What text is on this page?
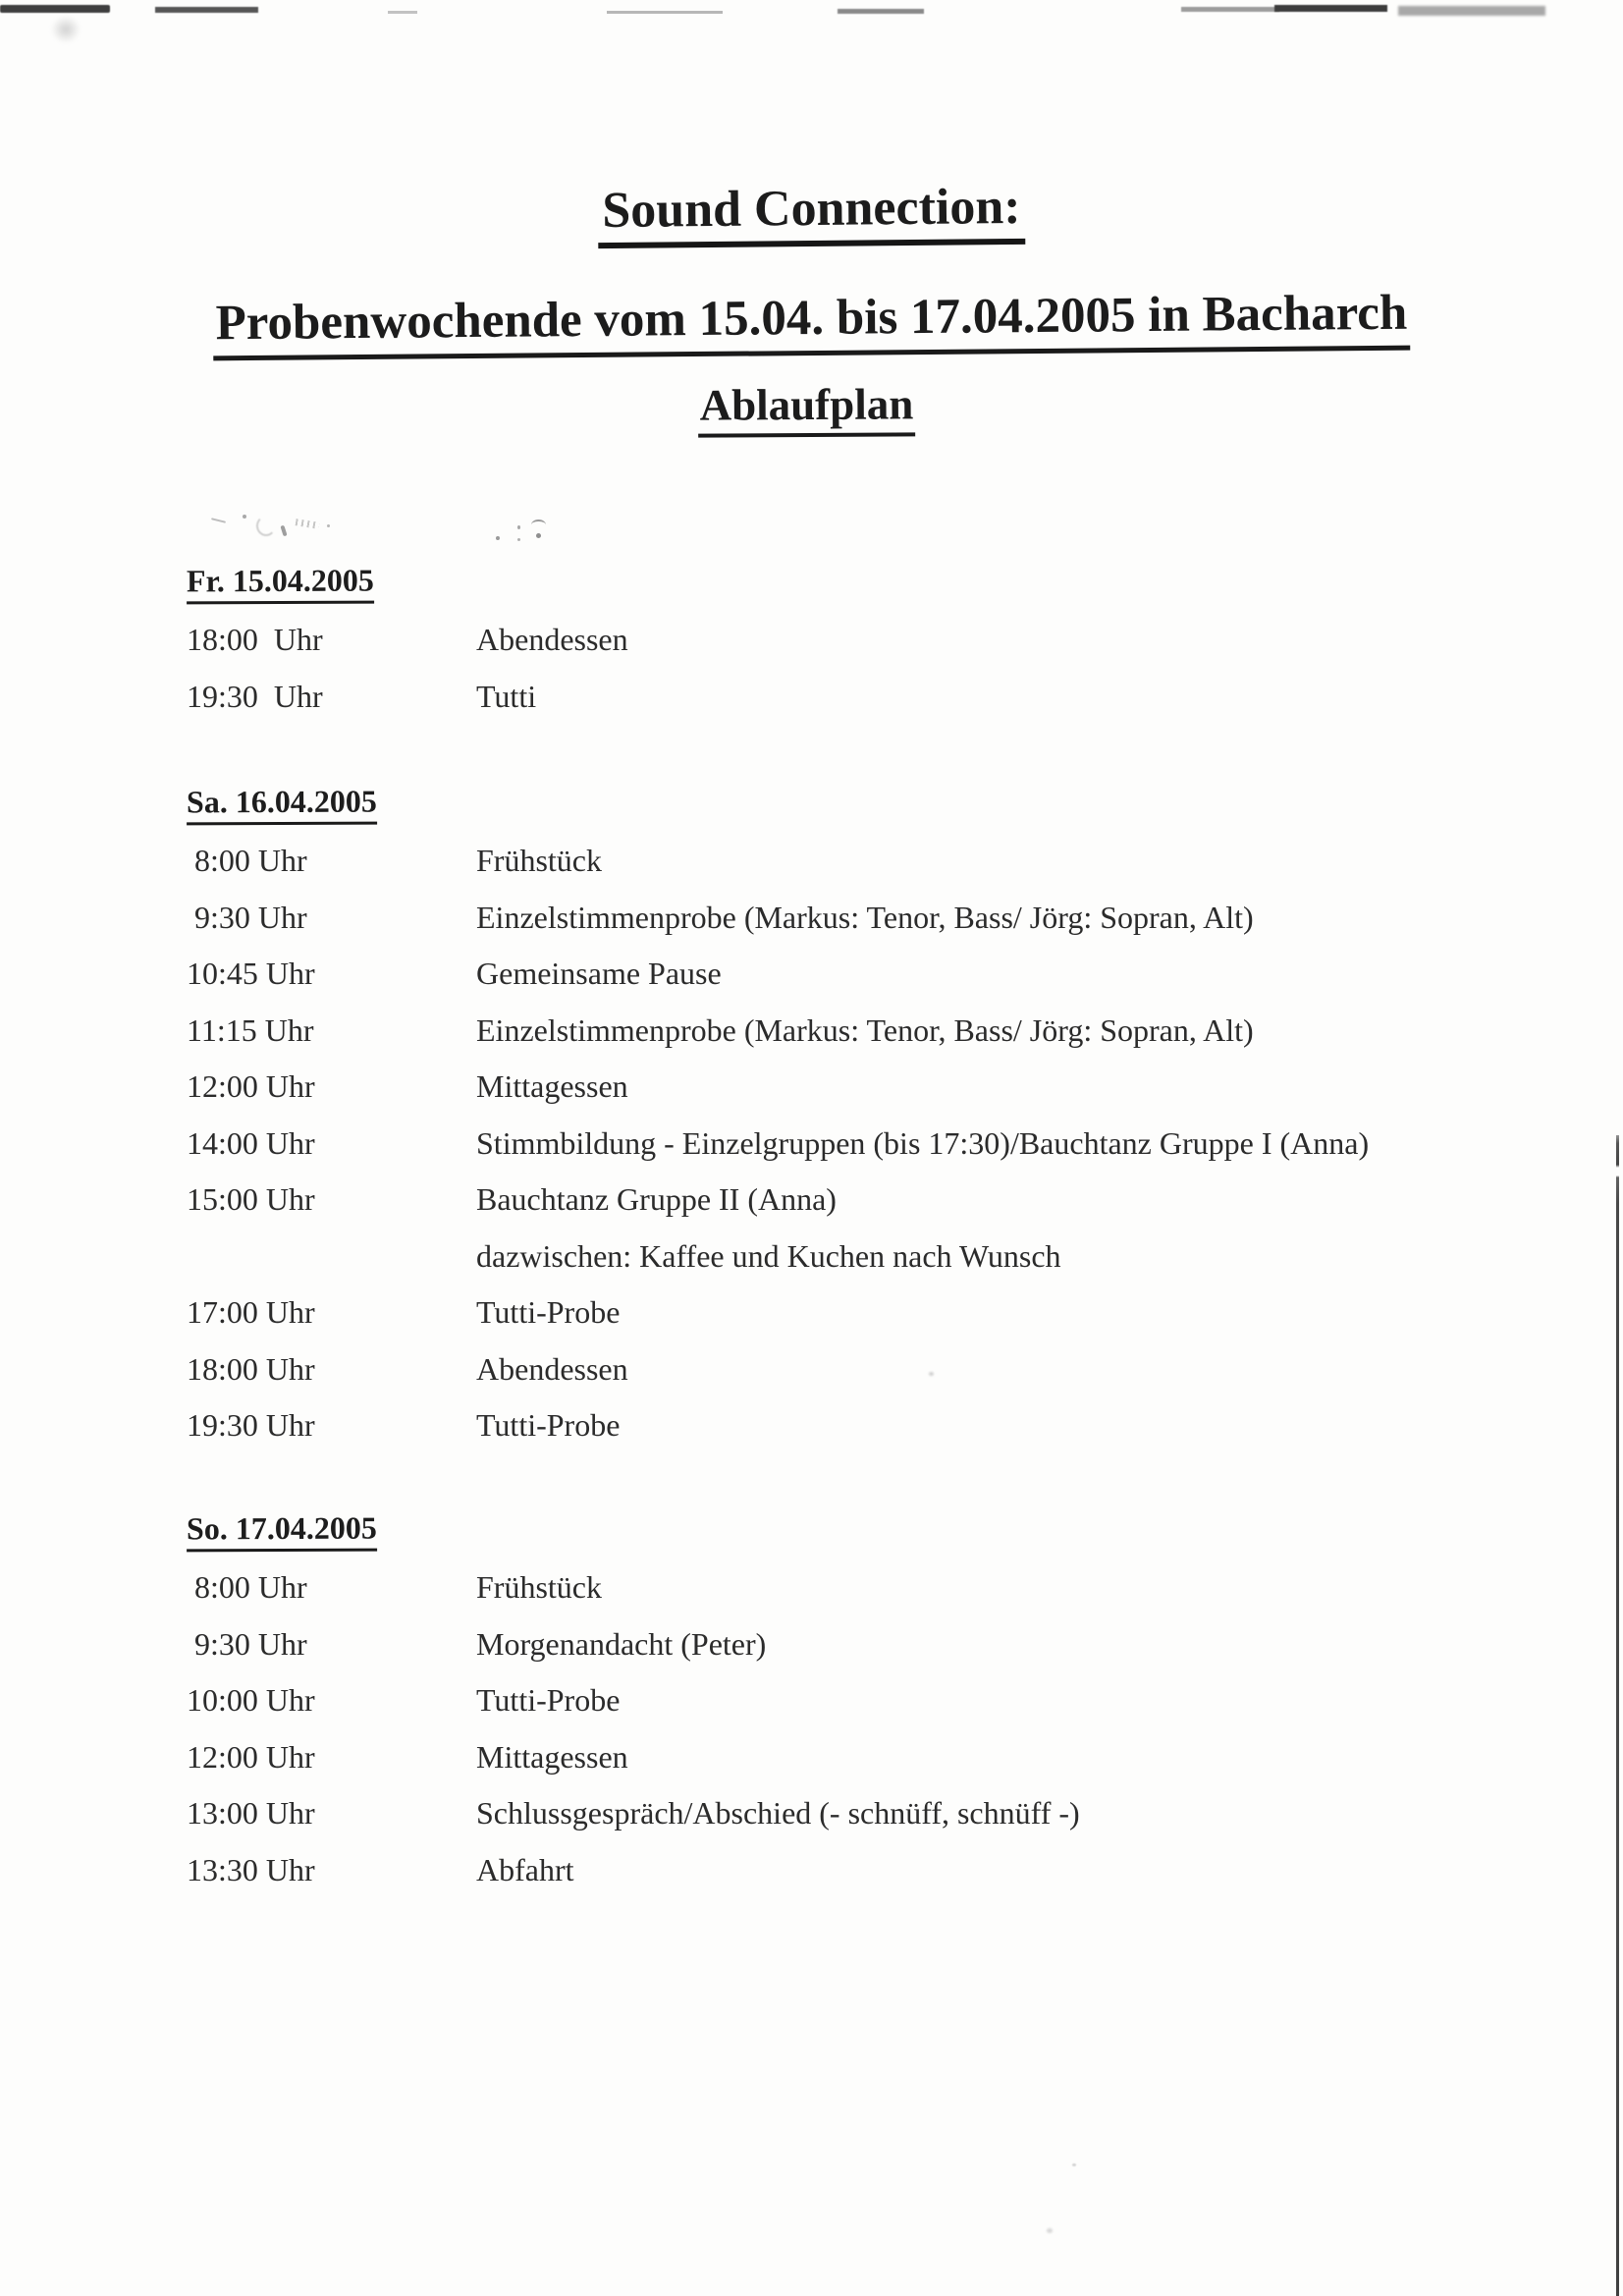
Sound Connection:
Probenwochende vom 15.04. bis 17.04.2005 in Bacharch
Ablaufplan
Fr. 15.04.2005
18:00  Uhr	Abendessen
19:30  Uhr	Tutti
Sa. 16.04.2005
8:00 Uhr	Frühstück
9:30 Uhr	Einzelstimmenprobe (Markus: Tenor, Bass/ Jörg: Sopran, Alt)
10:45 Uhr	Gemeinsame Pause
11:15 Uhr	Einzelstimmenprobe (Markus: Tenor, Bass/ Jörg: Sopran, Alt)
12:00 Uhr	Mittagessen
14:00 Uhr	Stimmbildung - Einzelgruppen (bis 17:30)/Bauchtanz Gruppe I (Anna)
15:00 Uhr	Bauchtanz Gruppe II (Anna)
dazwischen: Kaffee und Kuchen nach Wunsch
17:00 Uhr	Tutti-Probe
18:00 Uhr	Abendessen
19:30 Uhr	Tutti-Probe
So. 17.04.2005
8:00 Uhr	Frühstück
9:30 Uhr	Morgenandacht (Peter)
10:00 Uhr	Tutti-Probe
12:00 Uhr	Mittagessen
13:00 Uhr	Schlussgespräch/Abschied (- schnüff, schnüff -)
13:30 Uhr	Abfahrt
